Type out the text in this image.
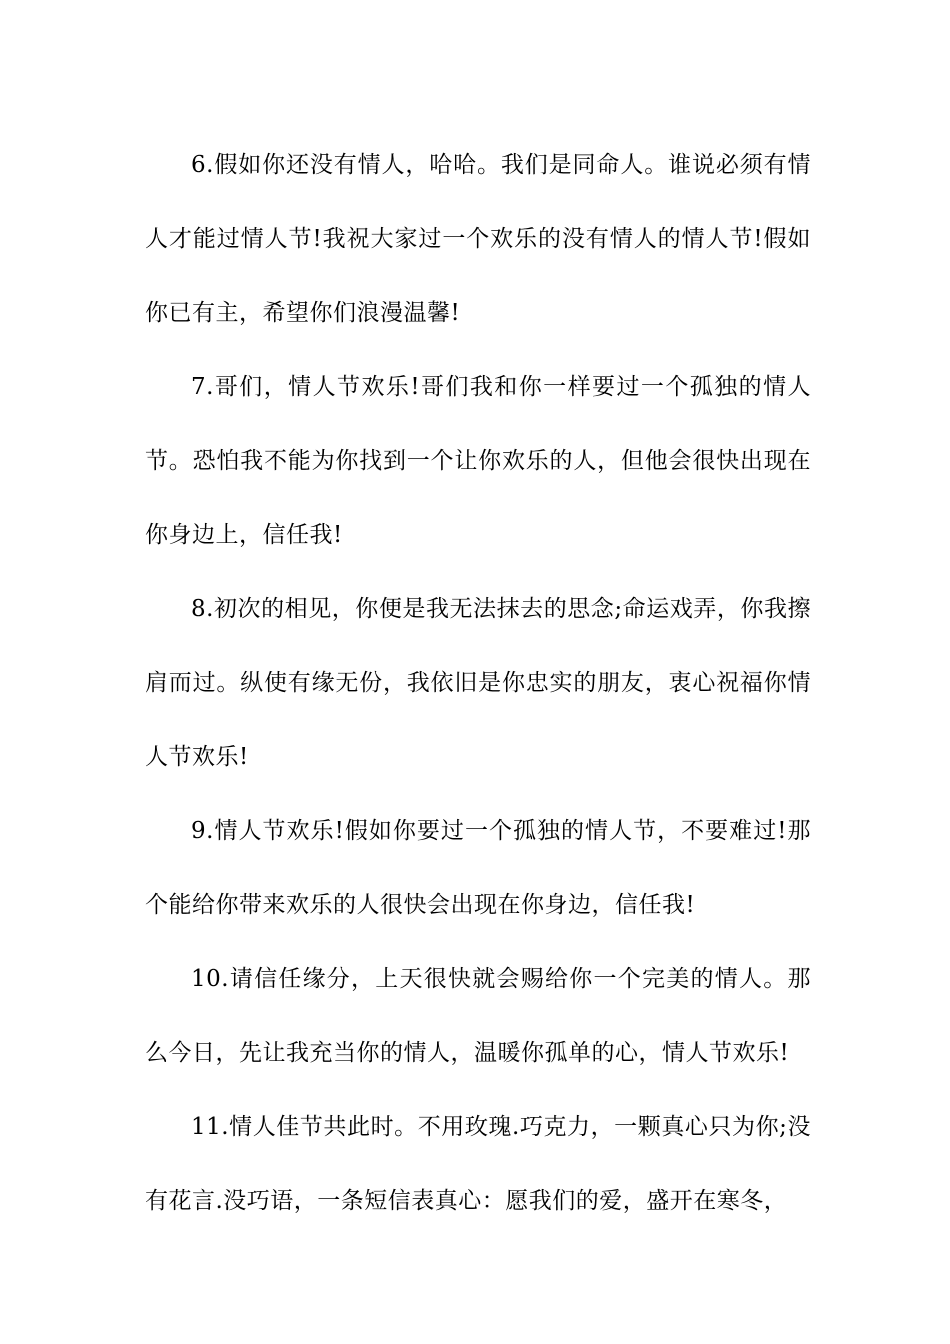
6.假如你还没有情人，哈哈。我们是同命人。谁说必须有情人才能过情人节!我祝大家过一个欢乐的没有情人的情人节!假如你已有主，希望你们浪漫温馨!

7.哥们，情人节欢乐!哥们我和你一样要过一个孤独的情人节。恐怕我不能为你找到一个让你欢乐的人，但他会很快出现在你身边上，信任我!

8.初次的相见，你便是我无法抹去的思念;命运戏弄，你我擦肩而过。纵使有缘无份，我依旧是你忠实的朋友，衷心祝福你情人节欢乐!

9.情人节欢乐!假如你要过一个孤独的情人节，不要难过!那个能给你带来欢乐的人很快会出现在你身边，信任我!

10.请信任缘分，上天很快就会赐给你一个完美的情人。那么今日，先让我充当你的情人，温暖你孤单的心，情人节欢乐!

11.情人佳节共此时。不用玫瑰.巧克力，一颗真心只为你;没有花言.没巧语，一条短信表真心：愿我们的爱，盛开在寒冬，
